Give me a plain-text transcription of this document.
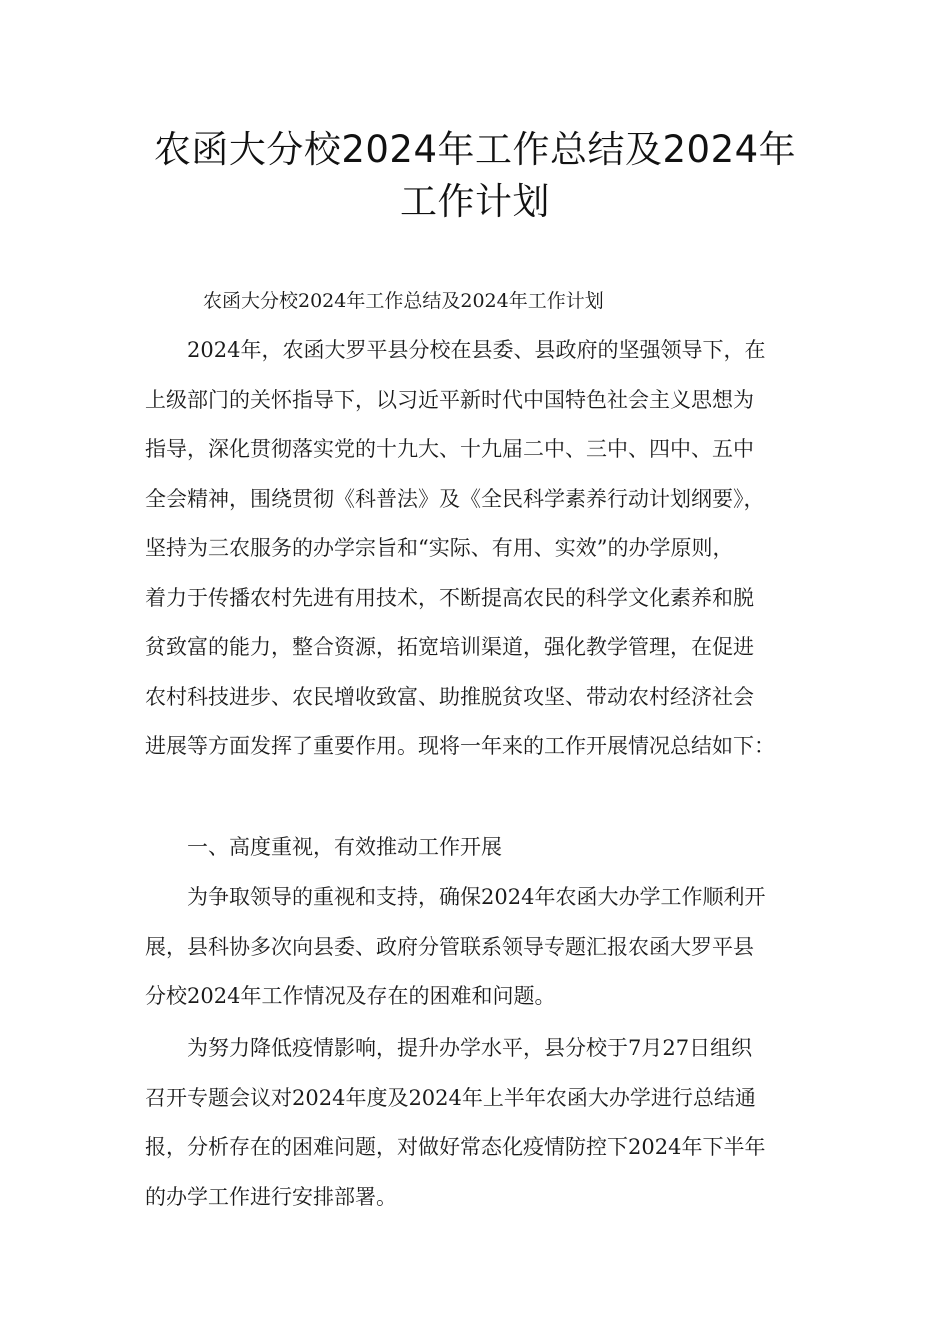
农函大分校2024年工作总结及2024年
工作计划
农函大分校2024年工作总结及2024年工作计划
2024年，农函大罗平县分校在县委、县政府的坚强领导下，在
上级部门的关怀指导下，以习近平新时代中国特色社会主义思想为
指导，深化贯彻落实党的十九大、十九届二中、三中、四中、五中
全会精神，围绕贯彻《科普法》及《全民科学素养行动计划纲要》，
坚持为三农服务的办学宗旨和“实际、有用、实效”的办学原则，
着力于传播农村先进有用技术，不断提高农民的科学文化素养和脱
贫致富的能力，整合资源，拓宽培训渠道，强化教学管理，在促进
农村科技进步、农民增收致富、助推脱贫攻坚、带动农村经济社会
进展等方面发挥了重要作用。现将一年来的工作开展情况总结如下：
一、高度重视，有效推动工作开展
为争取领导的重视和支持，确保2024年农函大办学工作顺利开
展，县科协多次向县委、政府分管联系领导专题汇报农函大罗平县
分校2024年工作情况及存在的困难和问题。
为努力降低疫情影响，提升办学水平，县分校于7月27日组织
召开专题会议对2024年度及2024年上半年农函大办学进行总结通
报，分析存在的困难问题，对做好常态化疫情防控下2024年下半年
的办学工作进行安排部署。
